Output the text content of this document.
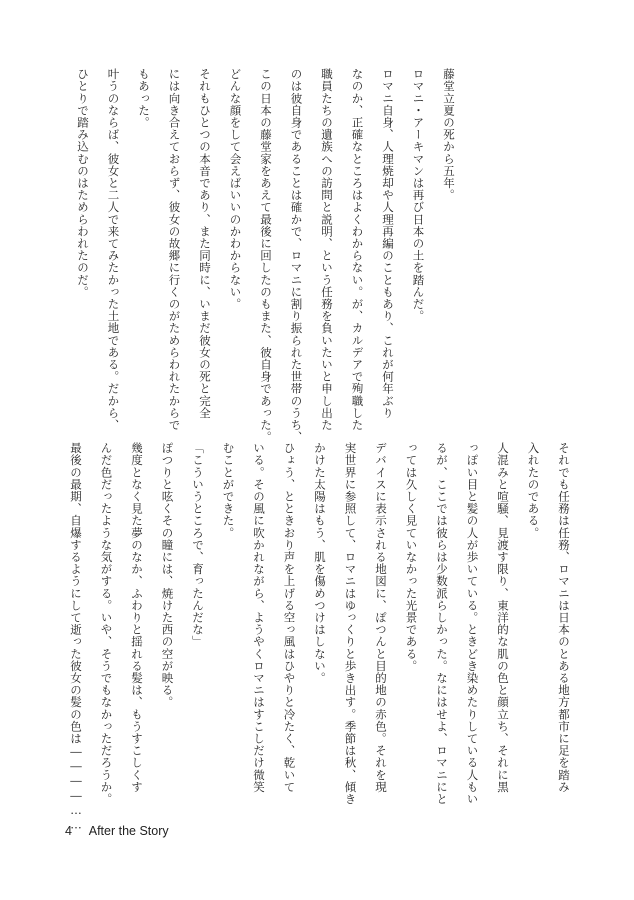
藤堂立夏の死から五年。

ロマニ・アーキマンは再び日本の土を踏んだ。

ロマニ自身、人理焼却や人理再編のこともあり、これが何年ぶり

なのか、正確なところはよくわからない。が、カルデアで殉職した

職員たちの遺族への訪問と説明、という任務を負いたいと申し出た

のは彼自身であることは確かで、ロマニに割り振られた世帯のうち、

この日本の藤堂家をあえて最後に回したのもまた、彼自身であった。

どんな顔をして会えばいいのかわからない。

それもひとつの本音であり、また同時に、いまだ彼女の死と完全

には向き合えておらず、彼女の故郷に行くのがためらわれたからで

もあった。

叶うのならば、彼女と二人で来てみたかった土地である。だから、

ひとりで踏み込むのはためらわれたのだ。

それでも任務は任務、ロマニは日本のとある地方都市に足を踏み

入れたのである。

人混みと喧騒、見渡す限り、東洋的な肌の色と顔立ち、それに黒

っぽい目と髪の人が歩いている。ときどき染めたりしている人もい

るが、ここでは彼らは少数派らしかった。なにはせよ、ロマニにと

っては久しく見ていなかった光景である。

デバイスに表示される地図に、ぽつんと目的地の赤色。それを現

実世界に参照して、ロマニはゆっくりと歩き出す。季節は秋、傾き

かけた太陽はもう、肌を傷めつけはしない。

ひょう、とときおり声を上げる空っ風はひやりと冷たく、乾いて

いる。その風に吹かれながら、ようやくロマニはすこしだけ微笑

むことができた。

「こういうところで、育ったんだな」

ぽつりと呟くその瞳には、焼けた西の空が映る。

幾度となく見た夢のなか、ふわりと揺れる髪は、もうすこしくす

んだ色だったような気がする。いや、そうでもなかっただろうか。

最後の最期、自爆するようにして逝った彼女の髪の色は――――……

4 After the Story
